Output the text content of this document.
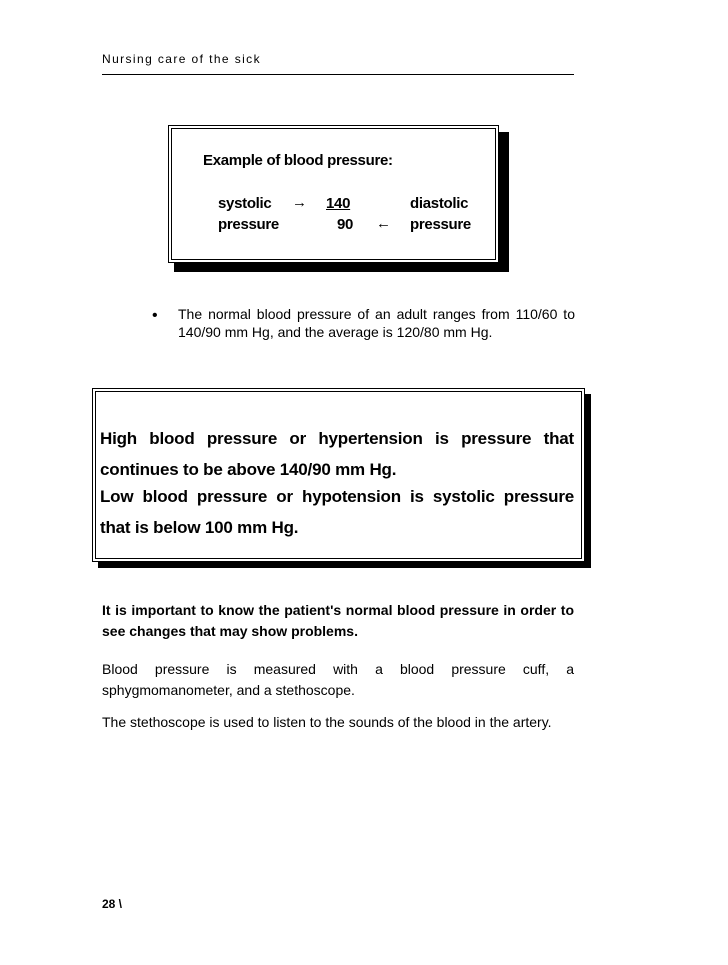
Nursing care of the sick
Example of blood pressure:
systolic → 140	diastolic
pressure	90 ← pressure
• The normal blood pressure of an adult ranges from 110/60 to 140/90 mm Hg, and the average is 120/80 mm Hg.
High blood pressure or hypertension is pressure that continues to be above 140/90 mm Hg.
Low blood pressure or hypotension is systolic pressure that is below 100 mm Hg.
It is important to know the patient's normal blood pressure in order to see changes that may show problems.
Blood pressure is measured with a blood pressure cuff, a sphygmomanometer, and a stethoscope.
The stethoscope is used to listen to the sounds of the blood in the artery.
28 \
